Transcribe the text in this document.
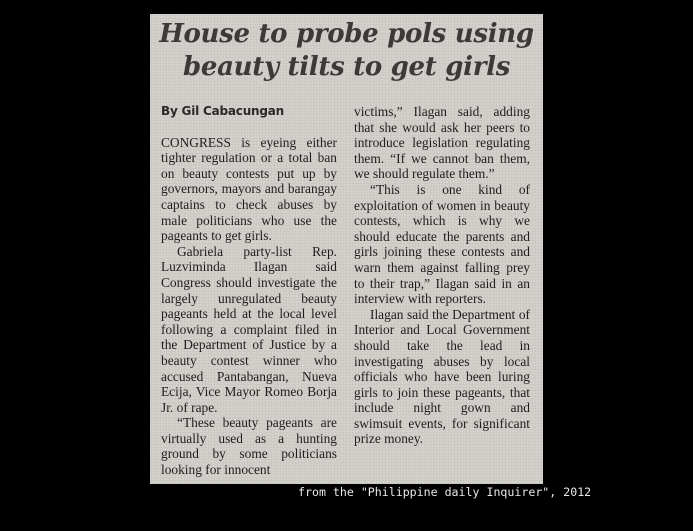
House to probe pols using
beauty tilts to get girls
By Gil Cabacungan

CONGRESS is eyeing either tighter regulation or a total ban on beauty contests put up by governors, mayors and barangay captains to check abuses by male politicians who use the pageants to get girls.

Gabriela party-list Rep. Luzviminda Ilagan said Congress should investigate the largely unregulated beauty pageants held at the local level following a complaint filed in the Department of Justice by a beauty contest winner who accused Pantabangan, Nueva Ecija, Vice Mayor Romeo Borja Jr. of rape.

“These beauty pageants are virtually used as a hunting ground by some politicians looking for innocent

victims,” Ilagan said, adding that she would ask her peers to introduce legislation regulating them. “If we cannot ban them, we should regulate them.”

“This is one kind of exploitation of women in beauty contests, which is why we should educate the parents and girls joining these contests and warn them against falling prey to their trap,” Ilagan said in an interview with reporters.

Ilagan said the Department of Interior and Local Government should take the lead in investigating abuses by local officials who have been luring girls to join these pageants, that include night gown and swimsuit events, for significant prize money.

from the "Philippine daily Inquirer", 2012
